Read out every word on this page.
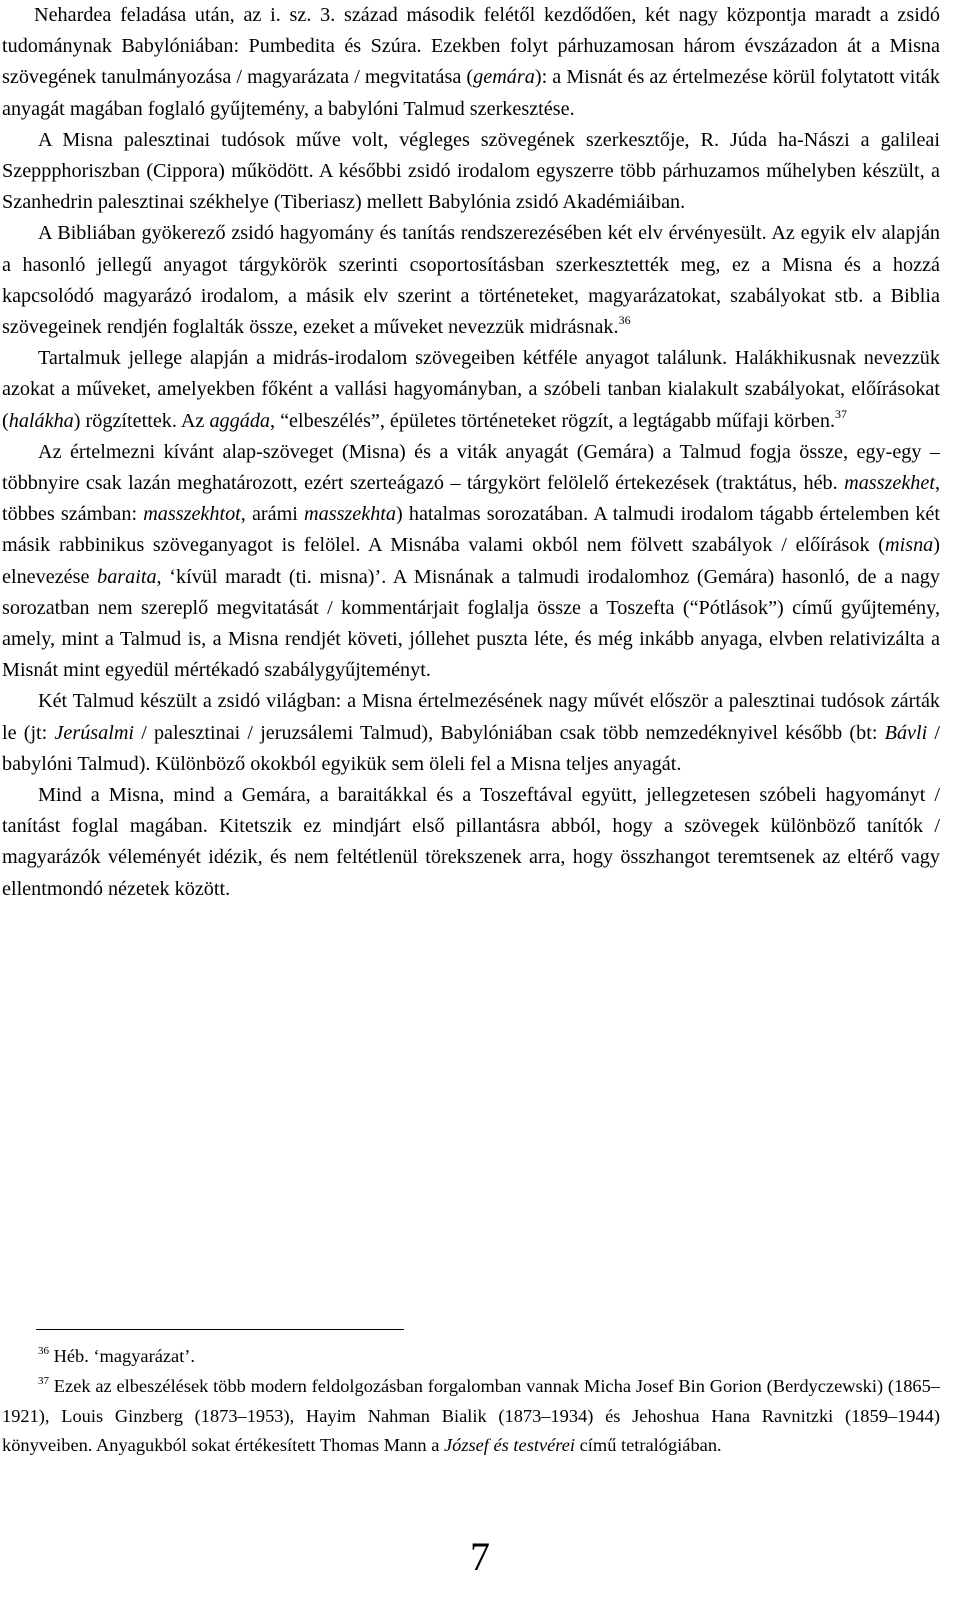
Nehardea feladása után, az i. sz. 3. század második felétől kezdődően, két nagy központja maradt a zsidó tudománynak Babylóniában: Pumbedita és Szúra. Ezekben folyt párhuzamosan három évszázadon át a Misna szövegének tanulmányozása / magyarázata / megvitatása (gemára): a Misnát és az értelmezése körül folytatott viták anyagát magában foglaló gyűjtemény, a babylóni Talmud szerkesztése.

A Misna palesztinai tudósok műve volt, végleges szövegének szerkesztője, R. Júda ha-Nászi a galileai Szeppphoriszban (Cippora) működött. A későbbi zsidó irodalom egyszerre több párhuzamos műhelyben készült, a Szanhedrin palesztinai székhelye (Tiberiasz) mellett Babylónia zsidó Akadémiáiban.

A Bibliában gyökerező zsidó hagyomány és tanítás rendszerezésében két elv érvényesült. Az egyik elv alapján a hasonló jellegű anyagot tárgykörök szerinti csoportosításban szerkesztették meg, ez a Misna és a hozzá kapcsolódó magyarázó irodalom, a másik elv szerint a történeteket, magyarázatokat, szabályokat stb. a Biblia szövegeinek rendjén foglalták össze, ezeket a műveket nevezzük midrásnak.$^{36}$

Tartalmuk jellege alapján a midrás-irodalom szövegeiben kétféle anyagot találunk. Halákhikusnak nevezzük azokat a műveket, amelyekben főként a vallási hagyományban, a szóbeli tanban kialakult szabályokat, előírásokat (halákha) rögzítettek. Az aggáda, “elbeszélés”, épületes történeteket rögzít, a legtágabb műfaji körben.$^{37}$

Az értelmezni kívánt alap-szöveget (Misna) és a viták anyagát (Gemára) a Talmud fogja össze, egy-egy – többnyire csak lazán meghatározott, ezért szerteágazó – tárgykört felölelő értekezések (traktátus, héb. masszekhet, többes számban: masszekhtot, arámi masszekhta) hatalmas sorozatában. A talmudi irodalom tágabb értelemben két másik rabbinikus szöveganyagot is felölel. A Misnába valami okból nem fölvett szabályok / előírások (misna) elnevezése baraita, ‘kívül maradt (ti. misna)’. A Misnának a talmudi irodalomhoz (Gemára) hasonló, de a nagy sorozatban nem szereplő megvitatását / kommentárjait foglalja össze a Toszefta (“Pótlások”) című gyűjtemény, amely, mint a Talmud is, a Misna rendjét követi, jóllehet puszta léte, és még inkább anyaga, elvben relativizálta a Misnát mint egyedül mértékadó szabálygyűjteményt.

Két Talmud készült a zsidó világban: a Misna értelmezésének nagy művét először a palesztinai tudósok zárták le (jt: Jerúsalmi / palesztinai / jeruzsálemi Talmud), Babylóniában csak több nemzedéknyivel később (bt: Bávli / babylóni Talmud). Különböző okokból egyikük sem öleli fel a Misna teljes anyagát.

Mind a Misna, mind a Gemára, a baraitákkal és a Toszeftával együtt, jellegzetesen szóbeli hagyományt / tanítást foglal magában. Kitetszik ez mindjárt első pillantásra abból, hogy a szövegek különböző tanítók / magyarázók véleményét idézik, és nem feltétlenül törekszenek arra, hogy összhangot teremtsenek az eltérő vagy ellentmondó nézetek között.

$^{36}$ Héb. ‘magyarázat’.

$^{37}$ Ezek az elbeszélések több modern feldolgozásban forgalomban vannak Micha Josef Bin Gorion (Berdyczewski) (1865–1921), Louis Ginzberg (1873–1953), Hayim Nahman Bialik (1873–1934) és Jehoshua Hana Ravnitzki (1859–1944) könyveiben. Anyagukból sokat értékesített Thomas Mann a József és testvérei című tetralógiában.

7
